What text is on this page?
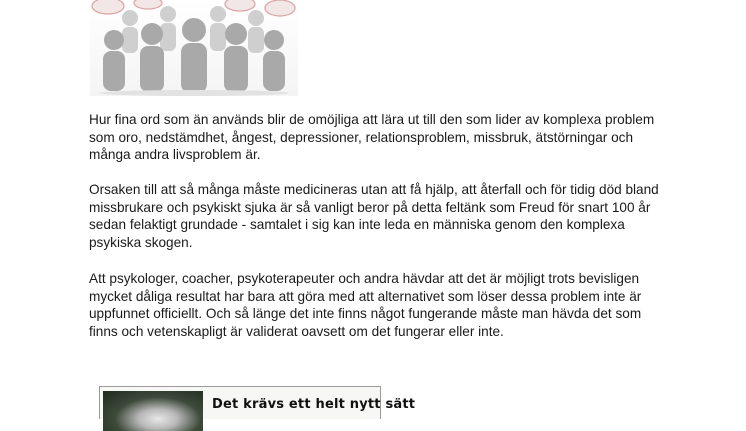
Hur fina ord som än används blir de omöjliga att lära ut till den som lider av komplexa problem som oro, nedstämdhet, ångest, depressioner, relationsproblem, missbruk, ätstörningar och många andra livsproblem är.

Orsaken till att så många måste medicineras utan att få hjälp, att återfall och för tidig död bland missbrukare och psykiskt sjuka är så vanligt beror på detta feltänk som Freud för snart 100 år sedan felaktigt grundade - samtalet i sig kan inte leda en människa genom den komplexa psykiska skogen.

Att psykologer, coacher, psykoterapeuter och andra hävdar att det är möjligt trots bevisligen mycket dåliga resultat har bara att göra med att alternativet som löser dessa problem inte är uppfunnet officiellt. Och så länge det inte finns något fungerande måste man hävda det som finns och vetenskapligt är validerat oavsett om det fungerar eller inte.

Det krävs ett helt nytt sätt
